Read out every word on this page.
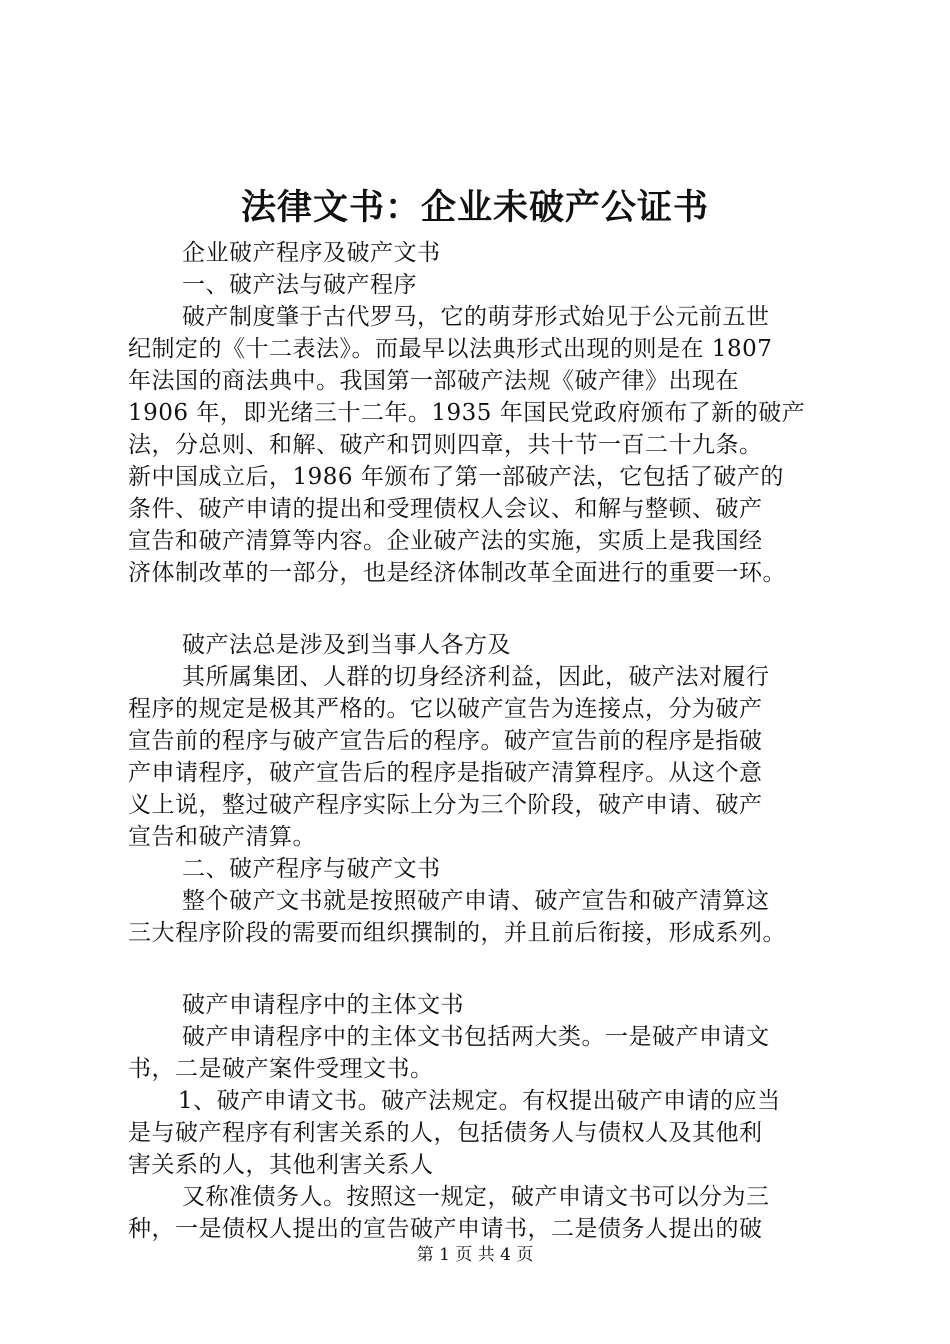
法律文书：企业未破产公证书
企业破产程序及破产文书
一、破产法与破产程序
破产制度肇于古代罗马，它的萌芽形式始见于公元前五世
纪制定的《十二表法》。而最早以法典形式出现的则是在 1807
年法国的商法典中。我国第一部破产法规《破产律》出现在
1906 年，即光绪三十二年。1935 年国民党政府颁布了新的破产
法，分总则、和解、破产和罚则四章，共十节一百二十九条。
新中国成立后，1986 年颁布了第一部破产法，它包括了破产的
条件、破产申请的提出和受理债权人会议、和解与整顿、破产
宣告和破产清算等内容。企业破产法的实施，实质上是我国经
济体制改革的一部分，也是经济体制改革全面进行的重要一环。
破产法总是涉及到当事人各方及
其所属集团、人群的切身经济利益，因此，破产法对履行
程序的规定是极其严格的。它以破产宣告为连接点，分为破产
宣告前的程序与破产宣告后的程序。破产宣告前的程序是指破
产申请程序，破产宣告后的程序是指破产清算程序。从这个意
义上说，整过破产程序实际上分为三个阶段，破产申请、破产
宣告和破产清算。
二、破产程序与破产文书
整个破产文书就是按照破产申请、破产宣告和破产清算这
三大程序阶段的需要而组织撰制的，并且前后衔接，形成系列。
破产申请程序中的主体文书
破产申请程序中的主体文书包括两大类。一是破产申请文
书，二是破产案件受理文书。
1、破产申请文书。破产法规定。有权提出破产申请的应当
是与破产程序有利害关系的人，包括债务人与债权人及其他利
害关系的人，其他利害关系人
又称准债务人。按照这一规定，破产申请文书可以分为三
种，一是债权人提出的宣告破产申请书，二是债务人提出的破
第 1 页 共 4 页
